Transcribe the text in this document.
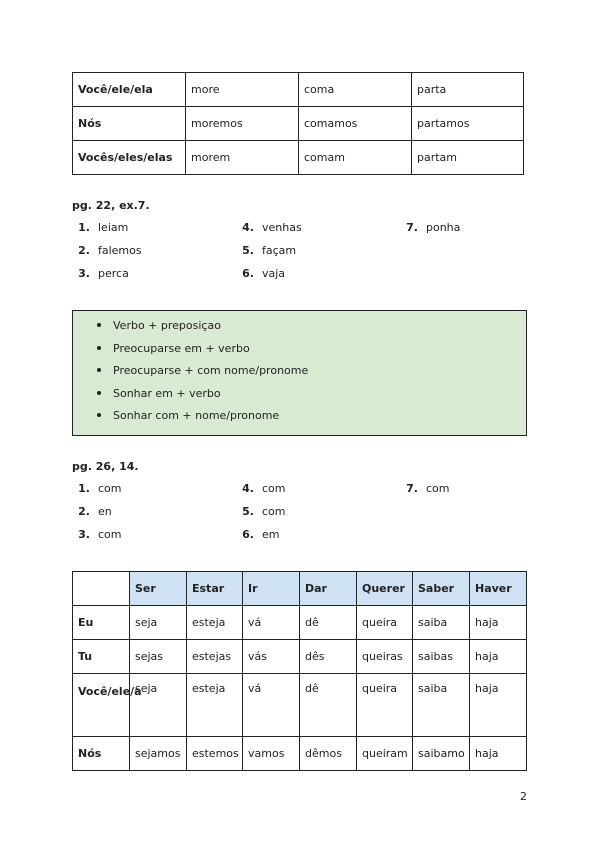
Você/ele/ela	more	coma	parta
Nós	moremos	comamos	partamos
Vocês/eles/elas	morem	comam	partam
pg. 22, ex.7.
1. leiam
2. falemos
3. perca
4. venhas
5. façam
6. vaja
7. ponha
Verbo + preposiçao
Preocuparse em + verbo
Preocuparse + com nome/pronome
Sonhar em + verbo
Sonhar com + nome/pronome
pg. 26, 14.
1. com
2. en
3. com
4. com
5. com
6. em
7. com
	Ser	Estar	Ir	Dar	Querer	Saber	Haver
Eu	seja	esteja	vá	dê	queira	saiba	haja
Tu	sejas	estejas	vás	dês	queiras	saibas	haja
Você/ele/a	seja	esteja	vá	dê	queira	saiba	haja
Nós	sejamos	estemos	vamos	dêmos	queiram	saibamo	haja
2
